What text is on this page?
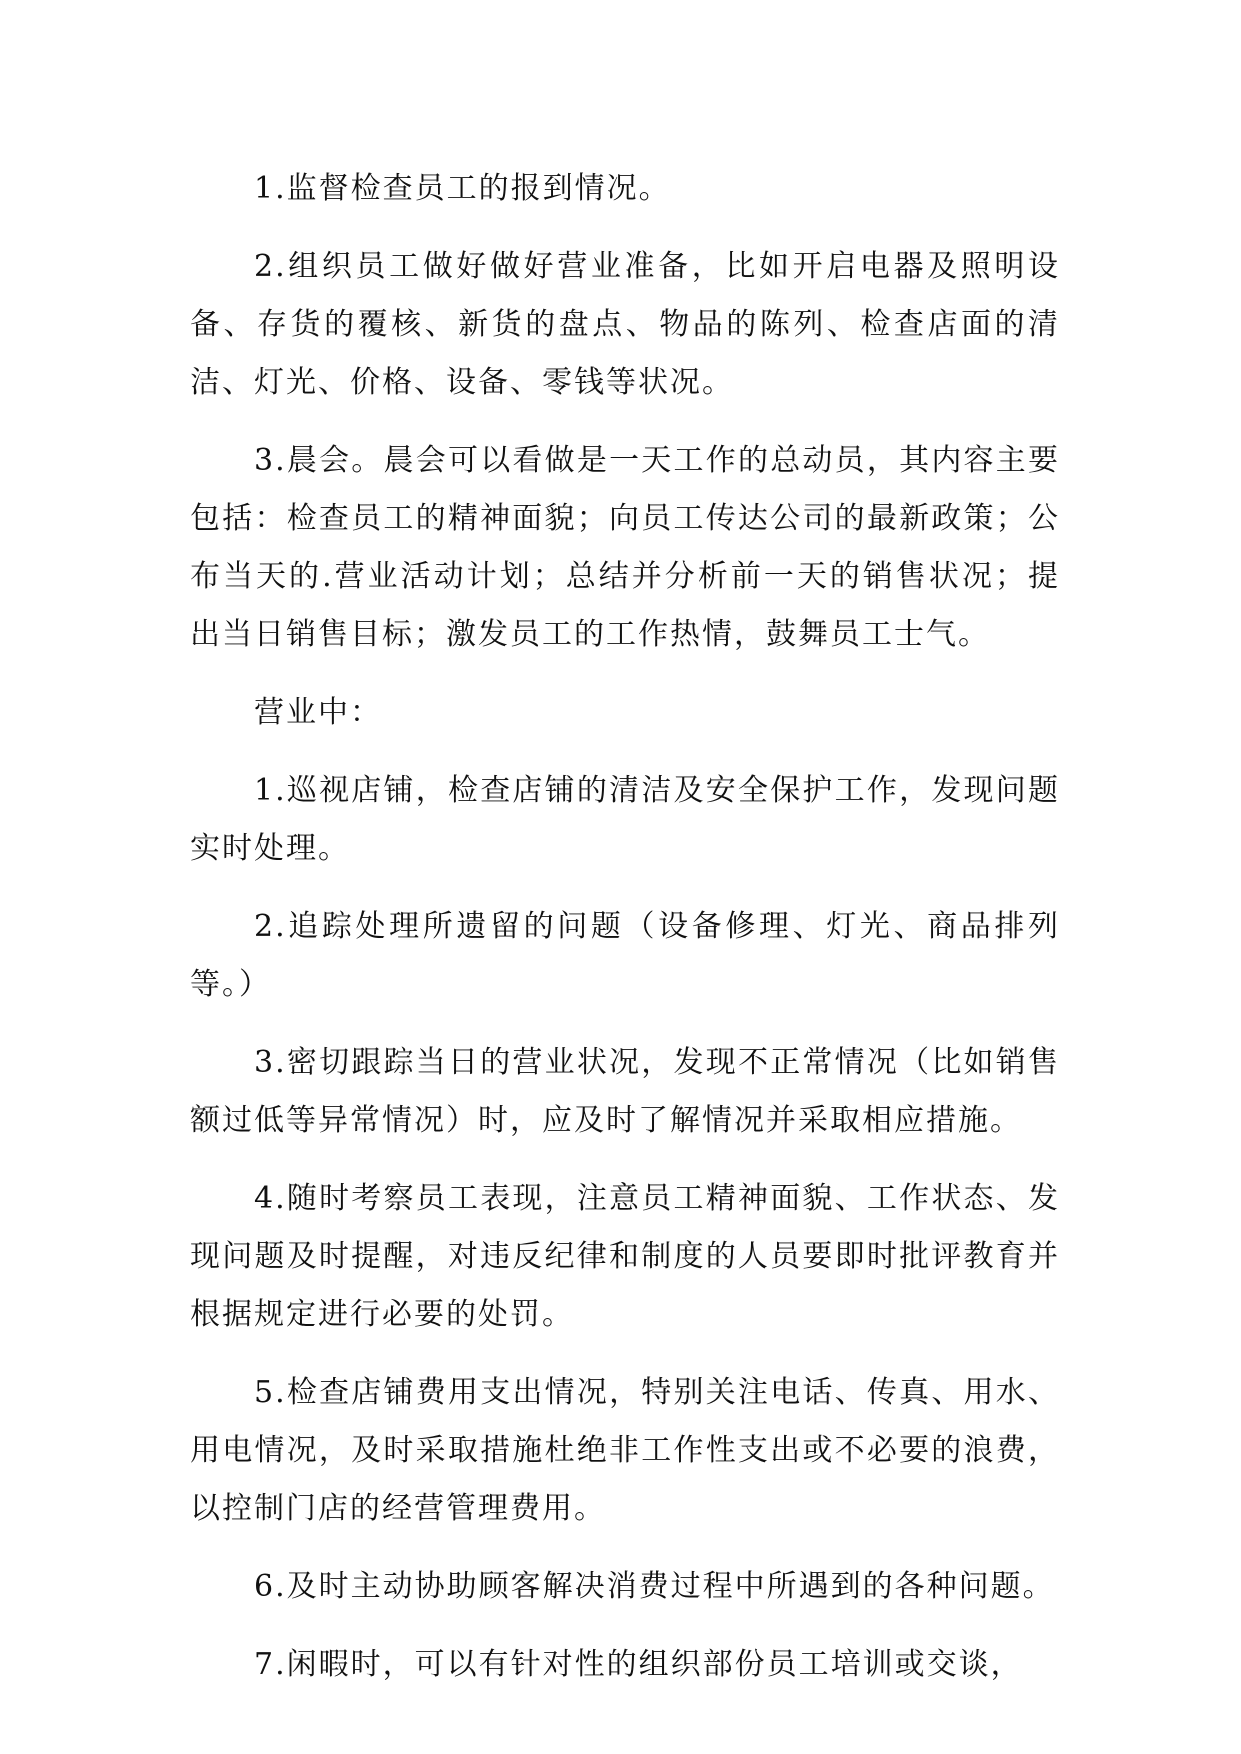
1.监督检查员工的报到情况。

2.组织员工做好做好营业准备，比如开启电器及照明设备、存货的覆核、新货的盘点、物品的陈列、检查店面的清洁、灯光、价格、设备、零钱等状况。

3.晨会。晨会可以看做是一天工作的总动员，其内容主要包括：检查员工的精神面貌；向员工传达公司的最新政策；公布当天的.营业活动计划；总结并分析前一天的销售状况；提出当日销售目标；激发员工的工作热情，鼓舞员工士气。

营业中：

1.巡视店铺，检查店铺的清洁及安全保护工作，发现问题实时处理。

2.追踪处理所遗留的问题（设备修理、灯光、商品排列等。）

3.密切跟踪当日的营业状况，发现不正常情况（比如销售额过低等异常情况）时，应及时了解情况并采取相应措施。

4.随时考察员工表现，注意员工精神面貌、工作状态、发现问题及时提醒，对违反纪律和制度的人员要即时批评教育并根据规定进行必要的处罚。

5.检查店铺费用支出情况，特别关注电话、传真、用水、用电情况，及时采取措施杜绝非工作性支出或不必要的浪费，以控制门店的经营管理费用。

6.及时主动协助顾客解决消费过程中所遇到的各种问题。

7.闲暇时，可以有针对性的组织部份员工培训或交谈，
